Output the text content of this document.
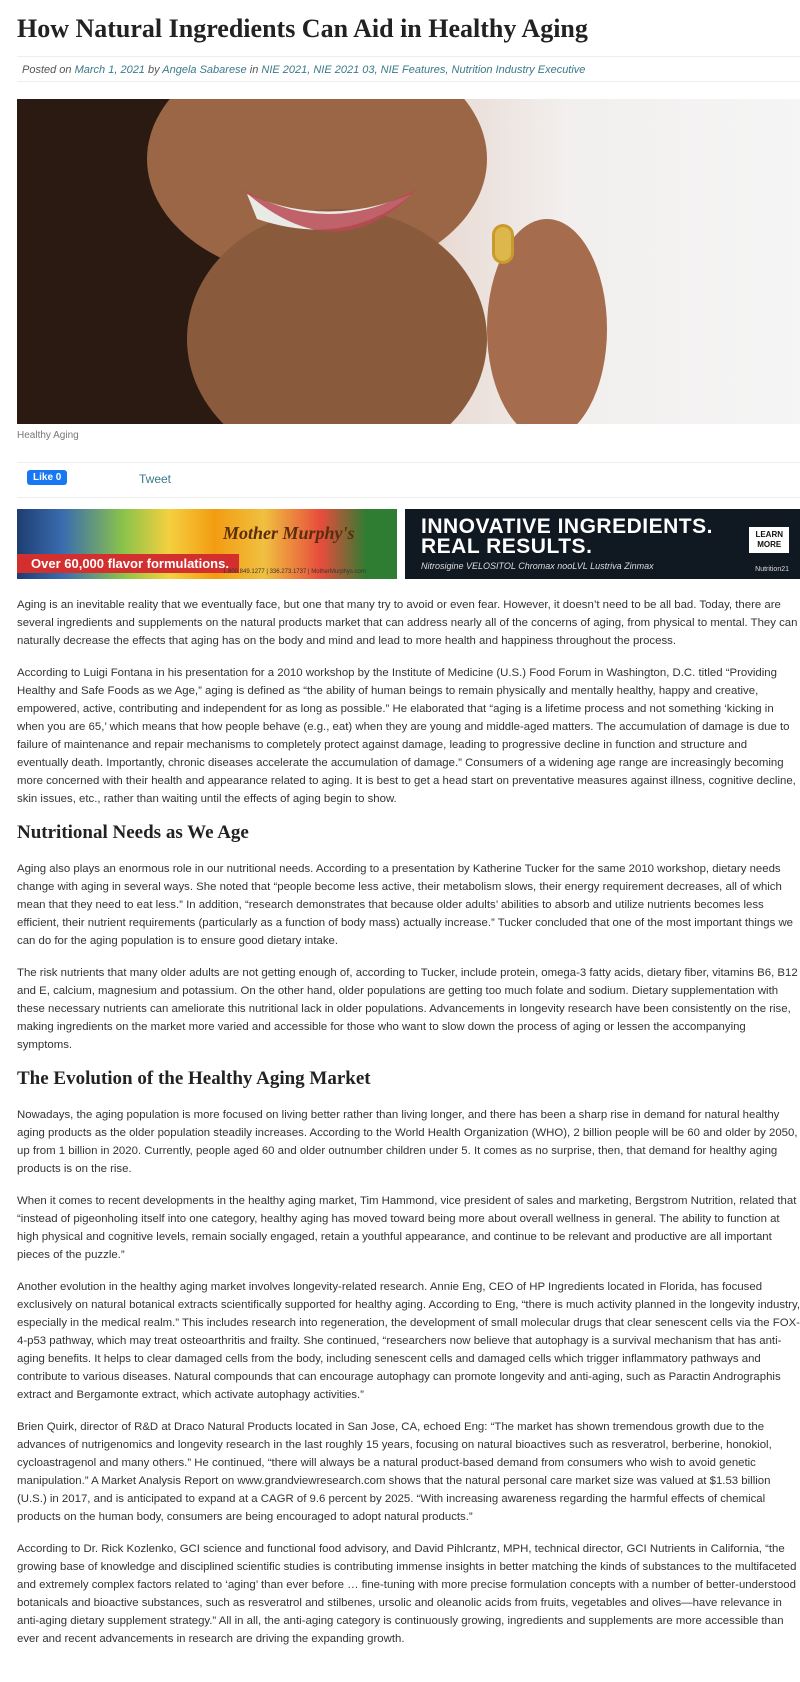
How Natural Ingredients Can Aid in Healthy Aging
Posted on March 1, 2021 by Angela Sabarese in NIE 2021, NIE 2021 03, NIE Features, Nutrition Industry Executive
Healthy Aging
Like 0	Tweet
Mother Murphy's
Over 60,000 flavor formulations.
1.800.849.1277 | 336.273.1737 | MotherMurphys.com
INNOVATIVE INGREDIENTS.
REAL RESULTS.
Nitrosigine VELOSITOL Chromax nooLVL Lustriva Zinmax
LEARN
MORE
Nutrition21

Aging is an inevitable reality that we eventually face, but one that many try to avoid or even fear. However, it doesn’t need to be all bad. Today, there are several ingredients and supplements on the natural products market that can address nearly all of the concerns of aging, from physical to mental. They can naturally decrease the effects that aging has on the body and mind and lead to more health and happiness throughout the process.

According to Luigi Fontana in his presentation for a 2010 workshop by the Institute of Medicine (U.S.) Food Forum in Washington, D.C. titled “Providing Healthy and Safe Foods as we Age,” aging is defined as “the ability of human beings to remain physically and mentally healthy, happy and creative, empowered, active, contributing and independent for as long as possible.” He elaborated that “aging is a lifetime process and not something ‘kicking in when you are 65,’ which means that how people behave (e.g., eat) when they are young and middle-aged matters. The accumulation of damage is due to failure of maintenance and repair mechanisms to completely protect against damage, leading to progressive decline in function and structure and eventually death. Importantly, chronic diseases accelerate the accumulation of damage.” Consumers of a widening age range are increasingly becoming more concerned with their health and appearance related to aging. It is best to get a head start on preventative measures against illness, cognitive decline, skin issues, etc., rather than waiting until the effects of aging begin to show.

Nutritional Needs as We Age

Aging also plays an enormous role in our nutritional needs. According to a presentation by Katherine Tucker for the same 2010 workshop, dietary needs change with aging in several ways. She noted that “people become less active, their metabolism slows, their energy requirement decreases, all of which mean that they need to eat less.” In addition, “research demonstrates that because older adults’ abilities to absorb and utilize nutrients becomes less efficient, their nutrient requirements (particularly as a function of body mass) actually increase.” Tucker concluded that one of the most important things we can do for the aging population is to ensure good dietary intake.

The risk nutrients that many older adults are not getting enough of, according to Tucker, include protein, omega-3 fatty acids, dietary fiber, vitamins B6, B12 and E, calcium, magnesium and potassium. On the other hand, older populations are getting too much folate and sodium. Dietary supplementation with these necessary nutrients can ameliorate this nutritional lack in older populations. Advancements in longevity research have been consistently on the rise, making ingredients on the market more varied and accessible for those who want to slow down the process of aging or lessen the accompanying symptoms.

The Evolution of the Healthy Aging Market

Nowadays, the aging population is more focused on living better rather than living longer, and there has been a sharp rise in demand for natural healthy aging products as the older population steadily increases. According to the World Health Organization (WHO), 2 billion people will be 60 and older by 2050, up from 1 billion in 2020. Currently, people aged 60 and older outnumber children under 5. It comes as no surprise, then, that demand for healthy aging products is on the rise.

When it comes to recent developments in the healthy aging market, Tim Hammond, vice president of sales and marketing, Bergstrom Nutrition, related that “instead of pigeonholing itself into one category, healthy aging has moved toward being more about overall wellness in general. The ability to function at high physical and cognitive levels, remain socially engaged, retain a youthful appearance, and continue to be relevant and productive are all important pieces of the puzzle.”

Another evolution in the healthy aging market involves longevity-related research. Annie Eng, CEO of HP Ingredients located in Florida, has focused exclusively on natural botanical extracts scientifically supported for healthy aging. According to Eng, “there is much activity planned in the longevity industry, especially in the medical realm.” This includes research into regeneration, the development of small molecular drugs that clear senescent cells via the FOX-4-p53 pathway, which may treat osteoarthritis and frailty. She continued, “researchers now believe that autophagy is a survival mechanism that has anti-aging benefits. It helps to clear damaged cells from the body, including senescent cells and damaged cells which trigger inflammatory pathways and contribute to various diseases. Natural compounds that can encourage autophagy can promote longevity and anti-aging, such as Paractin Andrographis extract and Bergamonte extract, which activate autophagy activities.”

Brien Quirk, director of R&D at Draco Natural Products located in San Jose, CA, echoed Eng: “The market has shown tremendous growth due to the advances of nutrigenomics and longevity research in the last roughly 15 years, focusing on natural bioactives such as resveratrol, berberine, honokiol, cycloastragenol and many others.” He continued, “there will always be a natural product-based demand from consumers who wish to avoid genetic manipulation.” A Market Analysis Report on www.grandviewresearch.com shows that the natural personal care market size was valued at $1.53 billion (U.S.) in 2017, and is anticipated to expand at a CAGR of 9.6 percent by 2025. “With increasing awareness regarding the harmful effects of chemical products on the human body, consumers are being encouraged to adopt natural products.”

According to Dr. Rick Kozlenko, GCI science and functional food advisory, and David Pihlcrantz, MPH, technical director, GCI Nutrients in California, “the growing base of knowledge and disciplined scientific studies is contributing immense insights in better matching the kinds of substances to the multifaceted and extremely complex factors related to ‘aging’ than ever before … fine-tuning with more precise formulation concepts with a number of better-understood botanicals and bioactive substances, such as resveratrol and stilbenes, ursolic and oleanolic acids from fruits, vegetables and olives—have relevance in anti-aging dietary supplement strategy.” All in all, the anti-aging category is continuously growing, ingredients and supplements are more accessible than ever and recent advancements in research are driving the expanding growth.
